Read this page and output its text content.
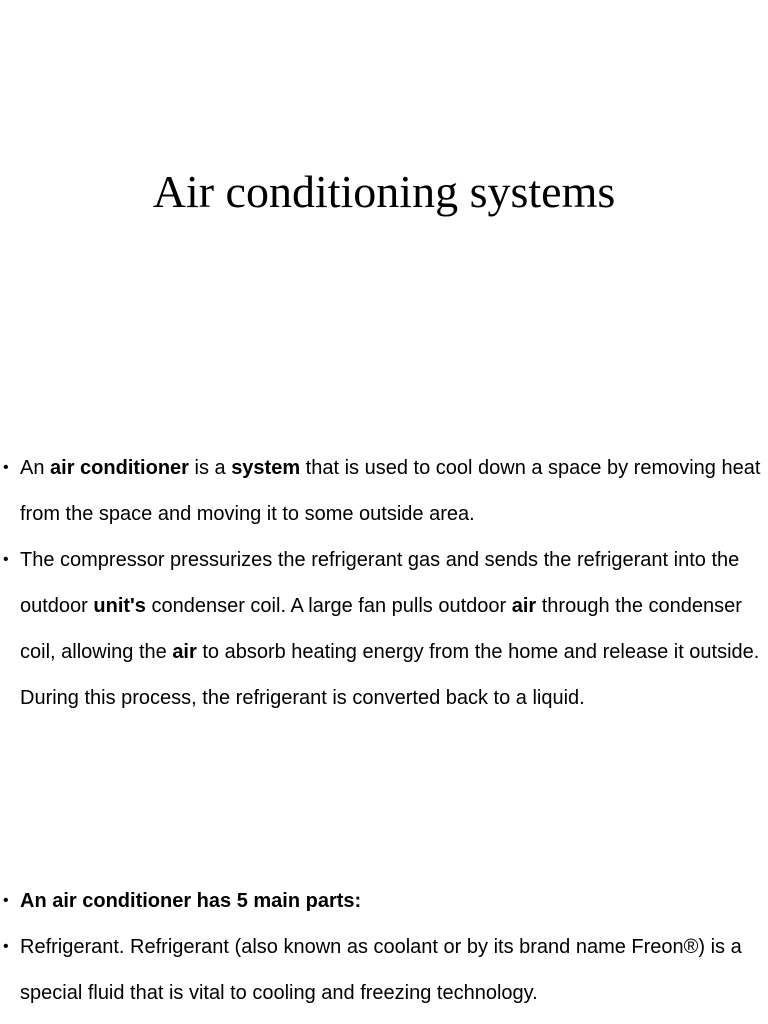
Air conditioning systems
• An air conditioner is a system that is used to cool down a space by removing heat from the space and moving it to some outside area.
• The compressor pressurizes the refrigerant gas and sends the refrigerant into the outdoor unit's condenser coil. A large fan pulls outdoor air through the condenser coil, allowing the air to absorb heating energy from the home and release it outside. During this process, the refrigerant is converted back to a liquid.
• An air conditioner has 5 main parts:
• Refrigerant. Refrigerant (also known as coolant or by its brand name Freon®) is a special fluid that is vital to cooling and freezing technology.
